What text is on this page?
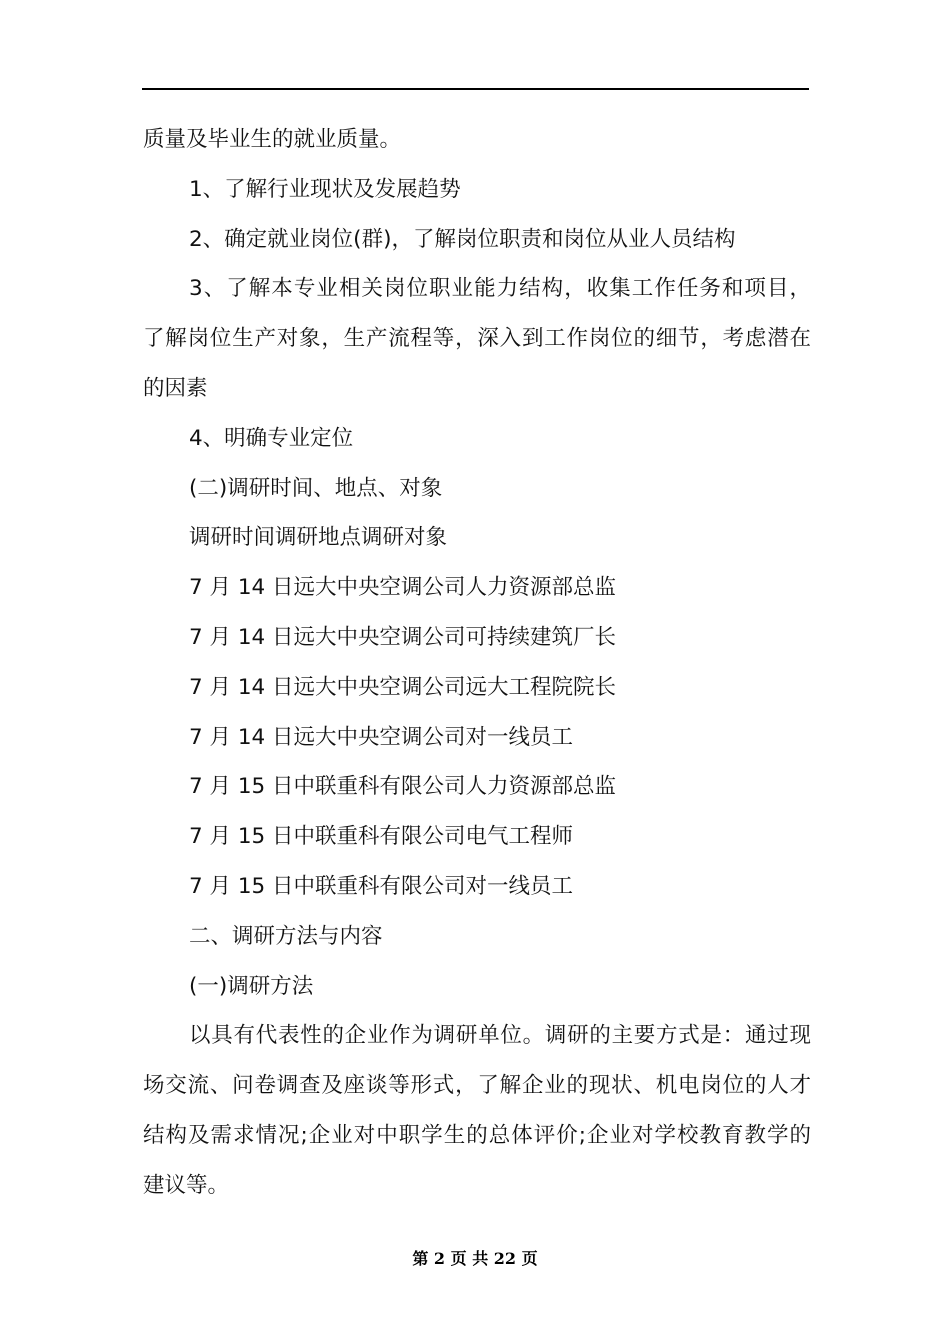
质量及毕业生的就业质量。
1、了解行业现状及发展趋势
2、确定就业岗位(群)，了解岗位职责和岗位从业人员结构
3、了解本专业相关岗位职业能力结构，收集工作任务和项目，
了解岗位生产对象，生产流程等，深入到工作岗位的细节，考虑潜在
的因素
4、明确专业定位
(二)调研时间、地点、对象
调研时间调研地点调研对象
7 月 14 日远大中央空调公司人力资源部总监
7 月 14 日远大中央空调公司可持续建筑厂长
7 月 14 日远大中央空调公司远大工程院院长
7 月 14 日远大中央空调公司对一线员工
7 月 15 日中联重科有限公司人力资源部总监
7 月 15 日中联重科有限公司电气工程师
7 月 15 日中联重科有限公司对一线员工
二、调研方法与内容
(一)调研方法
以具有代表性的企业作为调研单位。调研的主要方式是：通过现
场交流、问卷调查及座谈等形式，了解企业的现状、机电岗位的人才
结构及需求情况;企业对中职学生的总体评价;企业对学校教育教学的
建议等。
第 2 页 共 22 页
